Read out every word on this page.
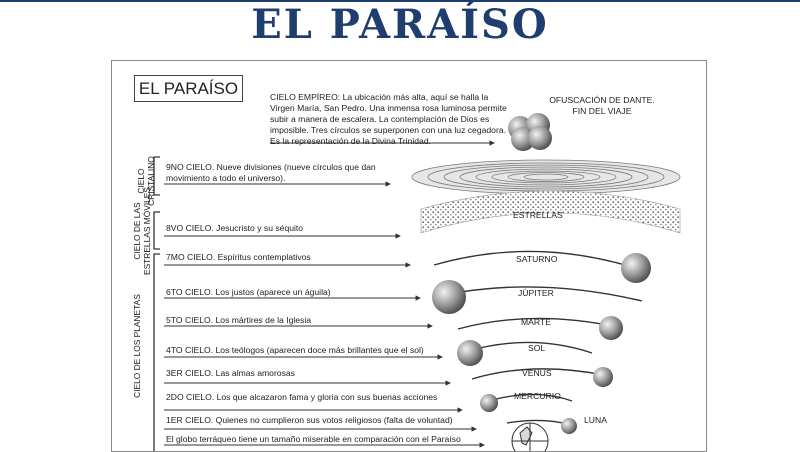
EL PARAÍSO
EL PARAÍSO	CIELO EMPÍREO: La ubicación más alta, aquí se halla la Virgen María, San Pedro. Una inmensa rosa luminosa permite subir a manera de escalera. La contemplación de Dios es imposible. Tres círculos se superponen con una luz cegadora. Es la representación de la Divina Trinidad.
OFUSCACIÓN DE DANTE. FIN DEL VIAJE
CIELO CRISTALINO
CIELO DE LAS ESTRELLAS MÓVILES
CIELO DE LOS PLANETAS
9NO CIELO. Nueve divisiones (nueve círculos que dan movimiento a todo el universo).
8VO CIELO. Jesucristo y su séquito
7MO CIELO. Espíritus contemplativos
6TO CIELO. Los justos (aparece un águila)
5TO CIELO. Los mártires de la Iglesia
4TO CIELO. Los teólogos (aparecen doce más brillantes que el sol)
3ER CIELO. Las almas amorosas
2DO CIELO. Los que alcazaron fama y gloria con sus buenas acciones
1ER CIELO. Quienes no cumplieron sus votos religiosos (falta de voluntad)
El globo terráqueo tiene un tamaño miserable en comparación con el Paraíso
ESTRELLAS
SATURNO
JÚPITER
MARTE
SOL
VENUS
MERCURIO
LUNA
